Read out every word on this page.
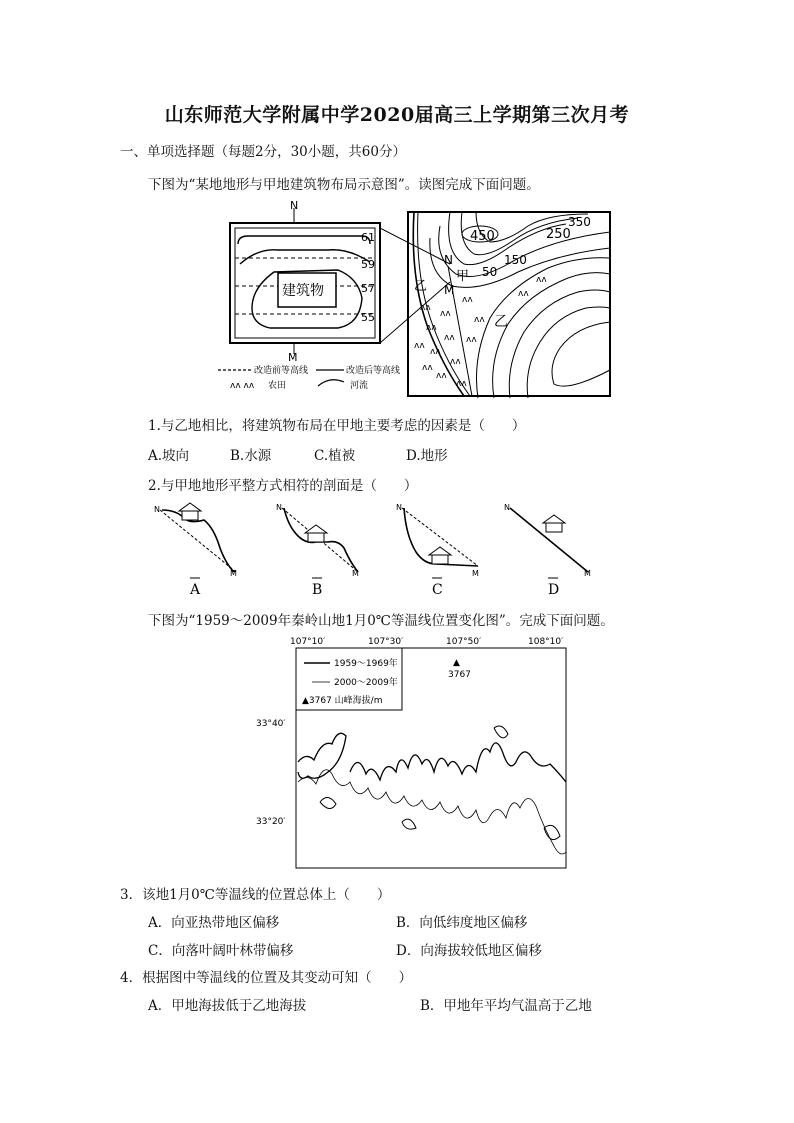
山东师范大学附属中学2020届高三上学期第三次月考
一、单项选择题（每题2分，30小题，共60分）
下图为“某地地形与甲地建筑物布局示意图”。读图完成下面问题。
N
M
建筑物
61
59
57
55
改造前等高线	改造后等高线
ʌʌ ʌʌ 农田	河流
350
450	250
150
50
甲
乙
N
M
乙
ʌʌ
ʌʌ
ʌʌ
ʌʌ
ʌʌ
ʌʌ
ʌʌ
ʌʌ
ʌʌ
ʌʌ
ʌʌ
ʌʌ
ʌʌ
ʌʌ
ʌʌ
1.与乙地相比，将建筑物布局在甲地主要考虑的因素是（　　）
A.坡向	B.水源	C.植被	D.地形
2.与甲地地形平整方式相符的剖面是（　　）
N
M
A
N
M
B
N
M
C
N
M
D
下图为“1959～2009年秦岭山地1月0℃等温线位置变化图”。完成下面问题。
107°10′	107°30′	107°50′	108°10′
33°40′
33°20′
1959～1969年
2000～2009年
▲3767 山峰海拔/m
▲
3767
3．该地1月0℃等温线的位置总体上（　　）
A．向亚热带地区偏移	B．向低纬度地区偏移
C．向落叶阔叶林带偏移	D．向海拔较低地区偏移
4．根据图中等温线的位置及其变动可知（　　）
A．甲地海拔低于乙地海拔	B．甲地年平均气温高于乙地
